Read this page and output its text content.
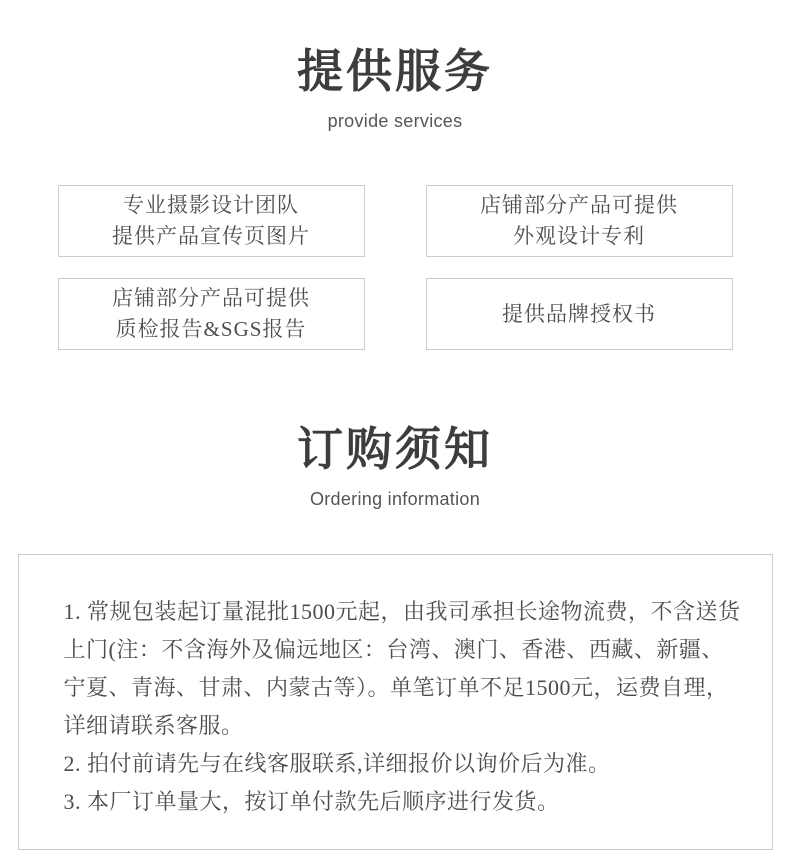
提供服务
provide services
专业摄影设计团队
提供产品宣传页图片
店铺部分产品可提供
外观设计专利
店铺部分产品可提供
质检报告&SGS报告
提供品牌授权书
订购须知
Ordering information
1. 常规包装起订量混批1500元起，由我司承担长途物流费，不含送货
上门(注：不含海外及偏远地区：台湾、澳门、香港、西藏、新疆、
宁夏、青海、甘肃、内蒙古等）。单笔订单不足1500元，运费自理，
详细请联系客服。
2. 拍付前请先与在线客服联系,详细报价以询价后为准。
3. 本厂订单量大，按订单付款先后顺序进行发货。
